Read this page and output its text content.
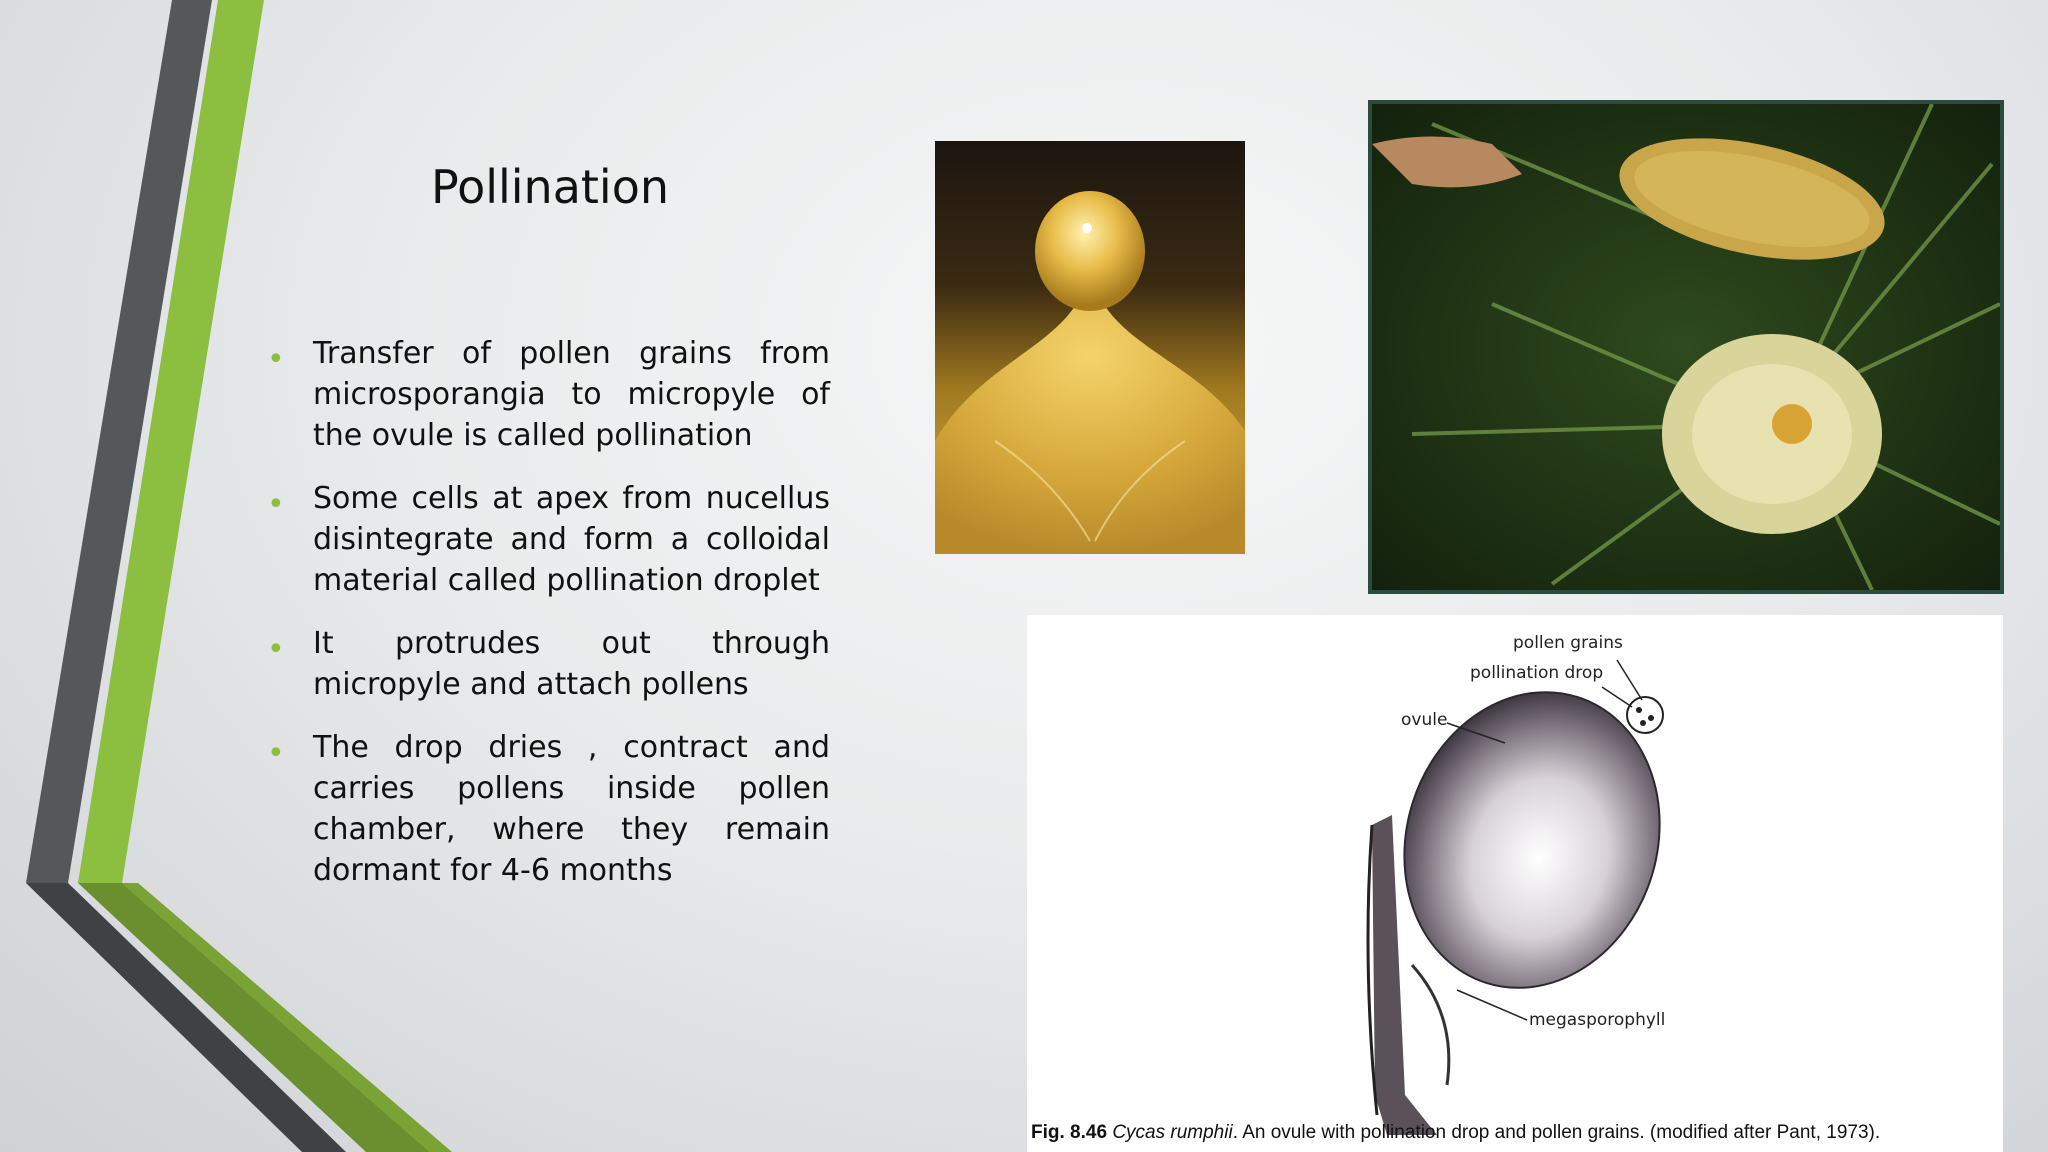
Pollination
• Transfer of pollen grains from microsporangia to micropyle of the ovule is called pollination
• Some cells at apex from nucellus disintegrate and form a colloidal material called pollination droplet
• It protrudes out through micropyle and attach pollens
• The drop dries , contract and carries pollens inside pollen chamber, where they remain dormant for 4-6 months
pollen grains
pollination drop
ovule
megasporophyll
Fig. 8.46 Cycas rumphii. An ovule with pollination drop and pollen grains. (modified after Pant, 1973).
